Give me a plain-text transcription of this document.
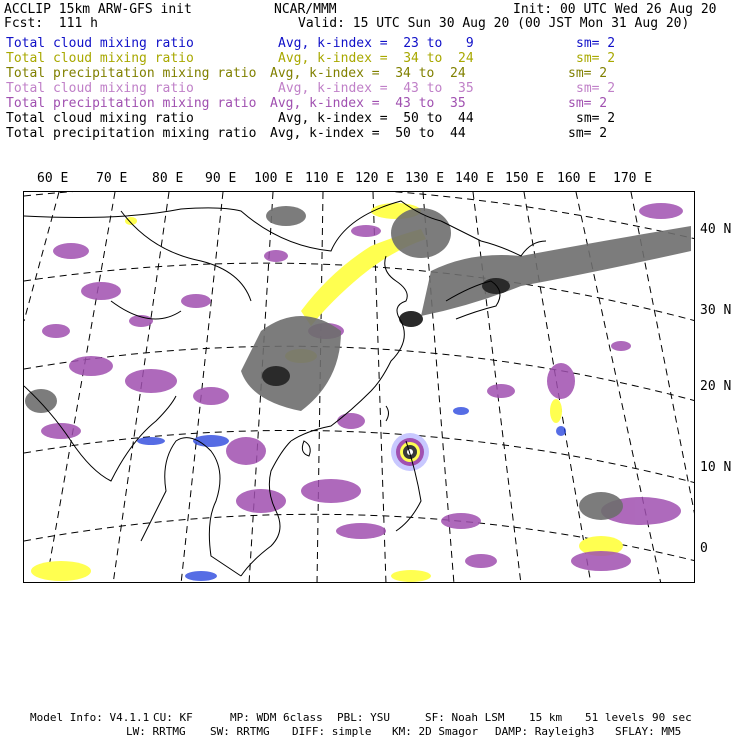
ACCLIP 15km ARW-GFS init	NCAR/MMM	Init: 00 UTC Wed 26 Aug 20
Fcst:  111 h	Valid: 15 UTC Sun 30 Aug 20 (00 JST Mon 31 Aug 20)
Total cloud mixing ratio	Avg, k-index =  23 to   9	sm= 2
Total cloud mixing ratio	Avg, k-index =  34 to  24	sm= 2
Total precipitation mixing ratio Avg, k-index =  34 to  24	sm= 2
Total cloud mixing ratio	Avg, k-index =  43 to  35	sm= 2
Total precipitation mixing ratio Avg, k-index =  43 to  35	sm= 2
Total cloud mixing ratio	Avg, k-index =  50 to  44	sm= 2
Total precipitation mixing ratio Avg, k-index =  50 to  44	sm= 2
60 E 70 E 80 E 90 E 100 E 110 E 120 E 130 E 140 E 150 E 160 E 170 E
40 N
30 N
20 N
10 N
0
Model Info: V4.1.1 CU: KF	MP: WDM 6class PBL: YSU	SF: Noah LSM 15 km 51 levels 90 sec
LW: RRTMG SW: RRTMG DIFF: simple KM: 2D Smagor DAMP: Rayleigh3 SFLAY: MM5
